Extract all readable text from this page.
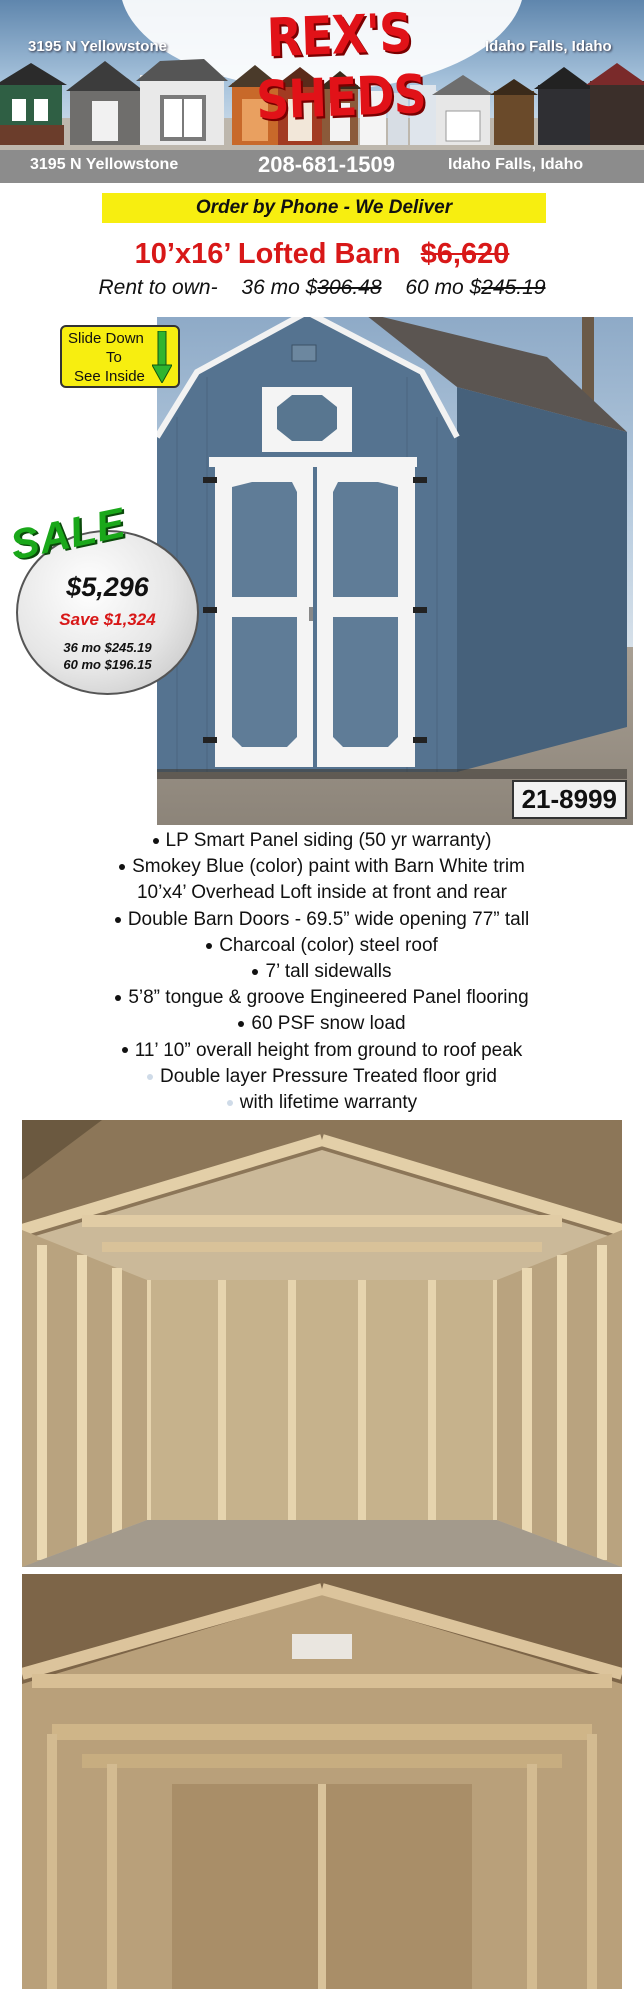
REX'S SHEDS
3195 N Yellowstone	Idaho Falls, Idaho
3195 N Yellowstone	208-681-1509	Idaho Falls, Idaho
Order by Phone - We Deliver
10’x16’ Lofted Barn $6,620
Rent to own- 36 mo $306.48 60 mo $245.19
21-8999
Slide Down
To
See Inside
SALE
$5,296
Save $1,324
36 mo $245.19
60 mo $196.15
LP Smart Panel siding (50 yr warranty)
Smokey Blue (color) paint with Barn White trim
10’x4’ Overhead Loft inside at front and rear
Double Barn Doors - 69.5” wide opening 77” tall
Charcoal (color) steel roof
7’ tall sidewalls
5’8” tongue & groove Engineered Panel flooring
60 PSF snow load
11’ 10” overall height from ground to roof peak
Double layer Pressure Treated floor grid
with lifetime warranty
